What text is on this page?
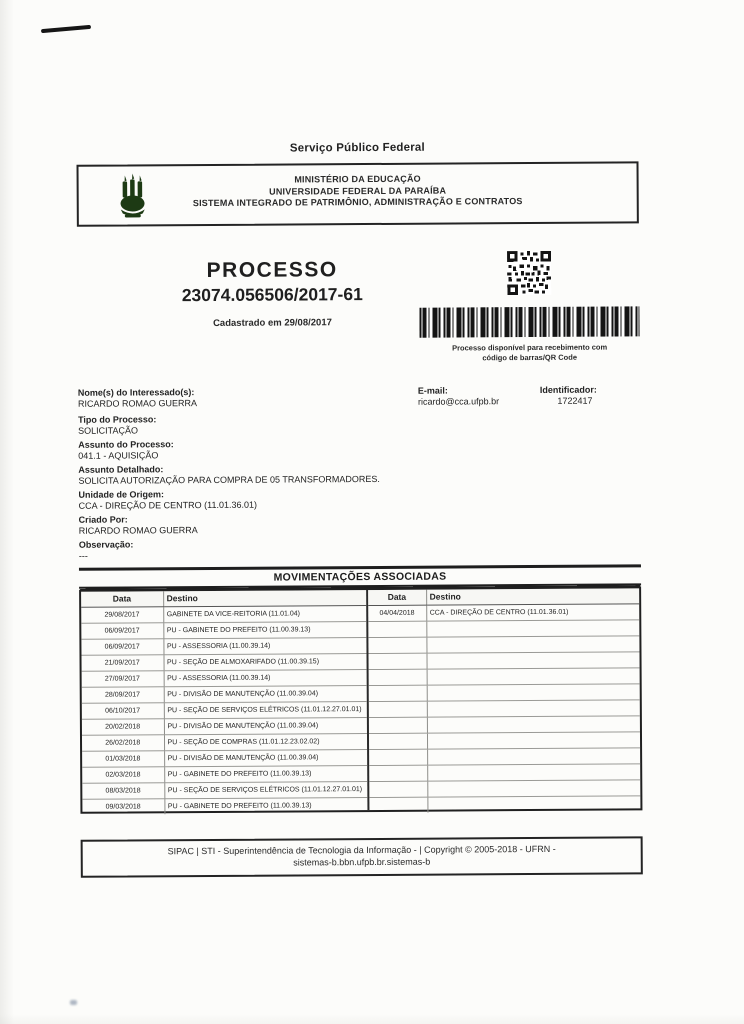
Serviço Público Federal
MINISTÉRIO DA EDUCAÇÃO
UNIVERSIDADE FEDERAL DA PARAÍBA
SISTEMA INTEGRADO DE PATRIMÔNIO, ADMINISTRAÇÃO E CONTRATOS
PROCESSO
23074.056506/2017-61
Cadastrado em 29/08/2017
Processo disponível para recebimento com
código de barras/QR Code
Nome(s) do Interessado(s):
RICARDO ROMAO GUERRA
E-mail:
ricardo@cca.ufpb.br
Identificador:
1722417
Tipo do Processo:
SOLICITAÇÃO
Assunto do Processo:
041.1 - AQUISIÇÃO
Assunto Detalhado:
SOLICITA AUTORIZAÇÃO PARA COMPRA DE 05 TRANSFORMADORES.
Unidade de Origem:
CCA - DIREÇÃO DE CENTRO (11.01.36.01)
Criado Por:
RICARDO ROMAO GUERRA
Observação:
---
MOVIMENTAÇÕES ASSOCIADAS
Data	Destino
29/08/2017	GABINETE DA VICE-REITORIA (11.01.04)
06/09/2017	PU - GABINETE DO PREFEITO (11.00.39.13)
06/09/2017	PU - ASSESSORIA (11.00.39.14)
21/09/2017	PU - SEÇÃO DE ALMOXARIFADO (11.00.39.15)
27/09/2017	PU - ASSESSORIA (11.00.39.14)
28/09/2017	PU - DIVISÃO DE MANUTENÇÃO (11.00.39.04)
06/10/2017	PU - SEÇÃO DE SERVIÇOS ELÉTRICOS (11.01.12.27.01.01)
20/02/2018	PU - DIVISÃO DE MANUTENÇÃO (11.00.39.04)
26/02/2018	PU - SEÇÃO DE COMPRAS (11.01.12.23.02.02)
01/03/2018	PU - DIVISÃO DE MANUTENÇÃO (11.00.39.04)
02/03/2018	PU - GABINETE DO PREFEITO (11.00.39.13)
08/03/2018	PU - SEÇÃO DE SERVIÇOS ELÉTRICOS (11.01.12.27.01.01)
09/03/2018	PU - GABINETE DO PREFEITO (11.00.39.13)
Data	Destino
04/04/2018	CCA - DIREÇÃO DE CENTRO (11.01.36.01)

SIPAC | STI - Superintendência de Tecnologia da Informação - | Copyright © 2005-2018 - UFRN -
sistemas-b.bbn.ufpb.br.sistemas-b
